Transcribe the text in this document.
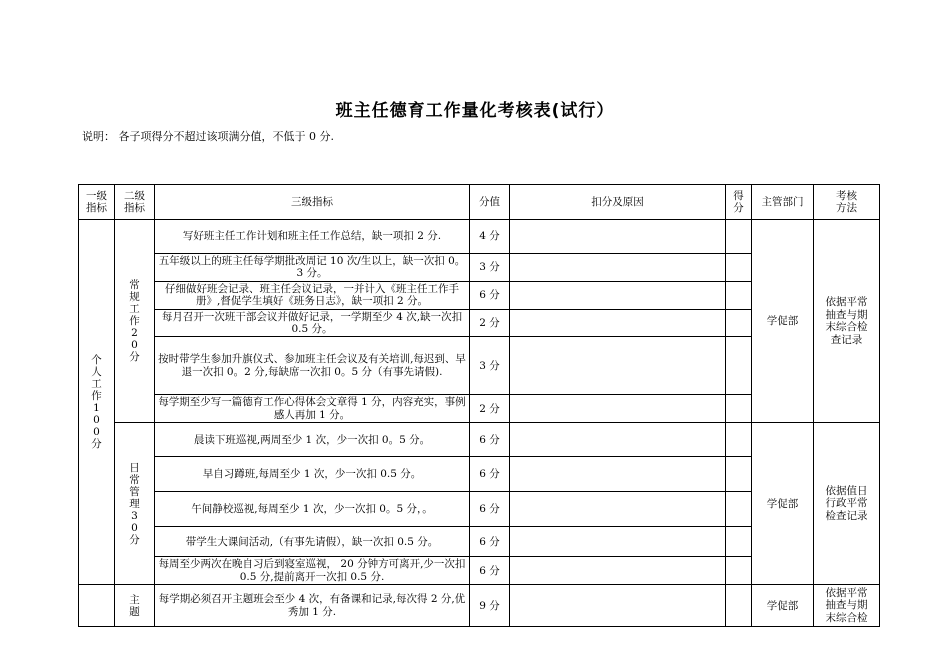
班主任德育工作量化考核表(试行）
说明： 各子项得分不超过该项满分值，不低于 0 分.
一级指标	二级指标	三级指标	分值	扣分及原因	得分	主管部门	考核方法

个人工作100分	常规工作20分	写好班主任工作计划和班主任工作总结，缺一项扣 2 分.	4 分			学促部	依据平常抽查与期末综合检查记录

		五年级以上的班主任每学期批改周记 10 次/生以上，缺一次扣 0。3 分。	3 分				
		仔细做好班会记录、班主任会议记录，一并计入《班主任工作手册》,督促学生填好《班务日志》，缺一项扣 2 分。	6 分				
		每月召开一次班干部会议并做好记录，一学期至少 4 次,缺一次扣 0.5 分。	2 分				
		按时带学生参加升旗仪式、参加班主任会议及有关培训,每迟到、早退一次扣 0。2 分,每缺席一次扣 0。5 分（有事先请假).	3 分				
		每学期至少写一篇德育工作心得体会文章得 1 分，内容充实，事例感人再加 1 分。	2 分				

	日常管理30分	晨读下班巡视,两周至少 1 次，少一次扣 0。5 分。	6 分			学促部	依据值日行政平常检查记录

		早自习蹲班,每周至少 1 次，少一次扣 0.5 分。	6 分				
		午间静校巡视,每周至少 1 次，少一次扣 0。5 分，。	6 分				
		带学生大课间活动,（有事先请假），缺一次扣 0.5 分。	6 分				
		每周至少两次在晚自习后到寝室巡视， 20 分钟方可离开,少一次扣 0.5 分,提前离开一次扣 0.5 分.	6 分				

	主题	每学期必须召开主题班会至少 4 次，有备课和记录,每次得 2 分,优秀加 1 分.	9 分			学促部	依据平常抽查与期末综合检
